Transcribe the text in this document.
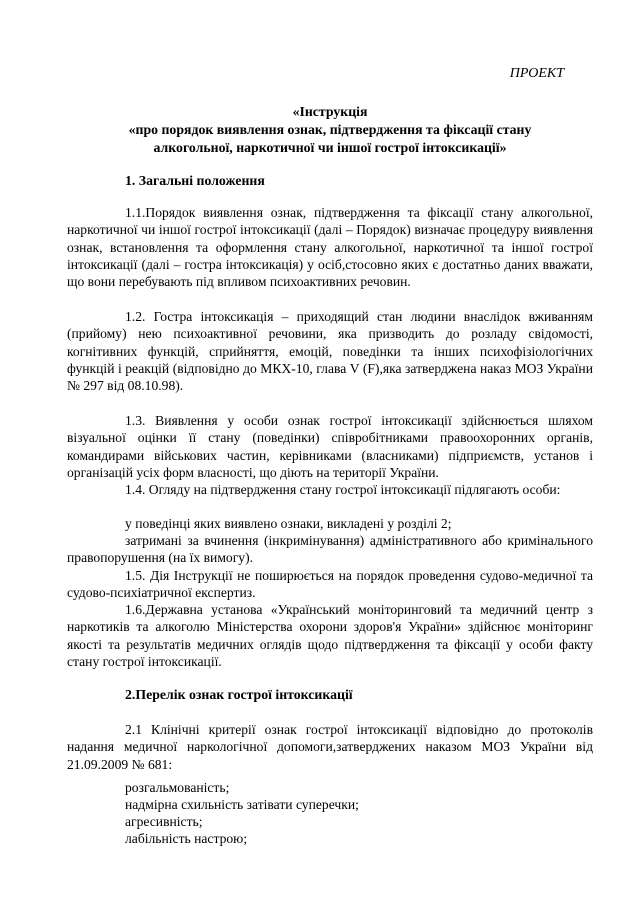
ПРОЕКТ
«Інструкція
«про порядок виявлення ознак, підтвердження та фіксації стану
алкогольної, наркотичної чи іншої гострої інтоксикації»
1. Загальні положення
1.1.Порядок виявлення ознак, підтвердження та фіксації стану алкогольної, наркотичної чи іншої гострої інтоксикації (далі – Порядок) визначає процедуру виявлення ознак, встановлення та оформлення стану алкогольної, наркотичної та іншої гострої інтоксикації (далі – гостра інтоксикація) у осіб,стосовно яких є достатньо даних вважати, що вони перебувають під впливом психоактивних речовин.
1.2. Гостра інтоксикація – приходящий стан людини внаслідок вживанням (прийому) нею психоактивної речовини, яка призводить до розладу свідомості, когнітивних функцій, сприйняття, емоцій, поведінки та інших психофізіологічних функцій і реакцій (відповідно до МКХ-10, глава V (F),яка затверджена наказ МОЗ України № 297 від 08.10.98).
1.3. Виявлення у особи ознак гострої інтоксикації здійснюється шляхом візуальної оцінки її стану (поведінки) співробітниками правоохоронних органів, командирами військових частин, керівниками (власниками) підприємств, установ і організацій усіх форм власності, що діють на території України.
1.4. Огляду на підтвердження стану гострої інтоксикації підлягають особи:
у поведінці яких виявлено ознаки, викладені у розділі 2;
затримані за вчинення (інкримінування) адміністративного або кримінального правопорушення (на їх вимогу).
1.5. Дія Інструкції не поширюється на порядок проведення судово-медичної та судово-психіатричної експертиз.
1.6.Державна установа «Український моніторинговий та медичний центр з наркотиків та алкоголю Міністерства охорони здоров'я України» здійснює моніторинг якості та результатів медичних оглядів щодо підтвердження та фіксації у особи факту стану гострої інтоксикації.
2.Перелік ознак гострої інтоксикації
2.1 Клінічні критерії ознак гострої інтоксикації відповідно до протоколів надання медичної наркологічної допомоги,затверджених наказом МОЗ України від 21.09.2009 № 681:
розгальмованість;
надмірна схильність затівати суперечки;
агресивність;
лабільність настрою;
